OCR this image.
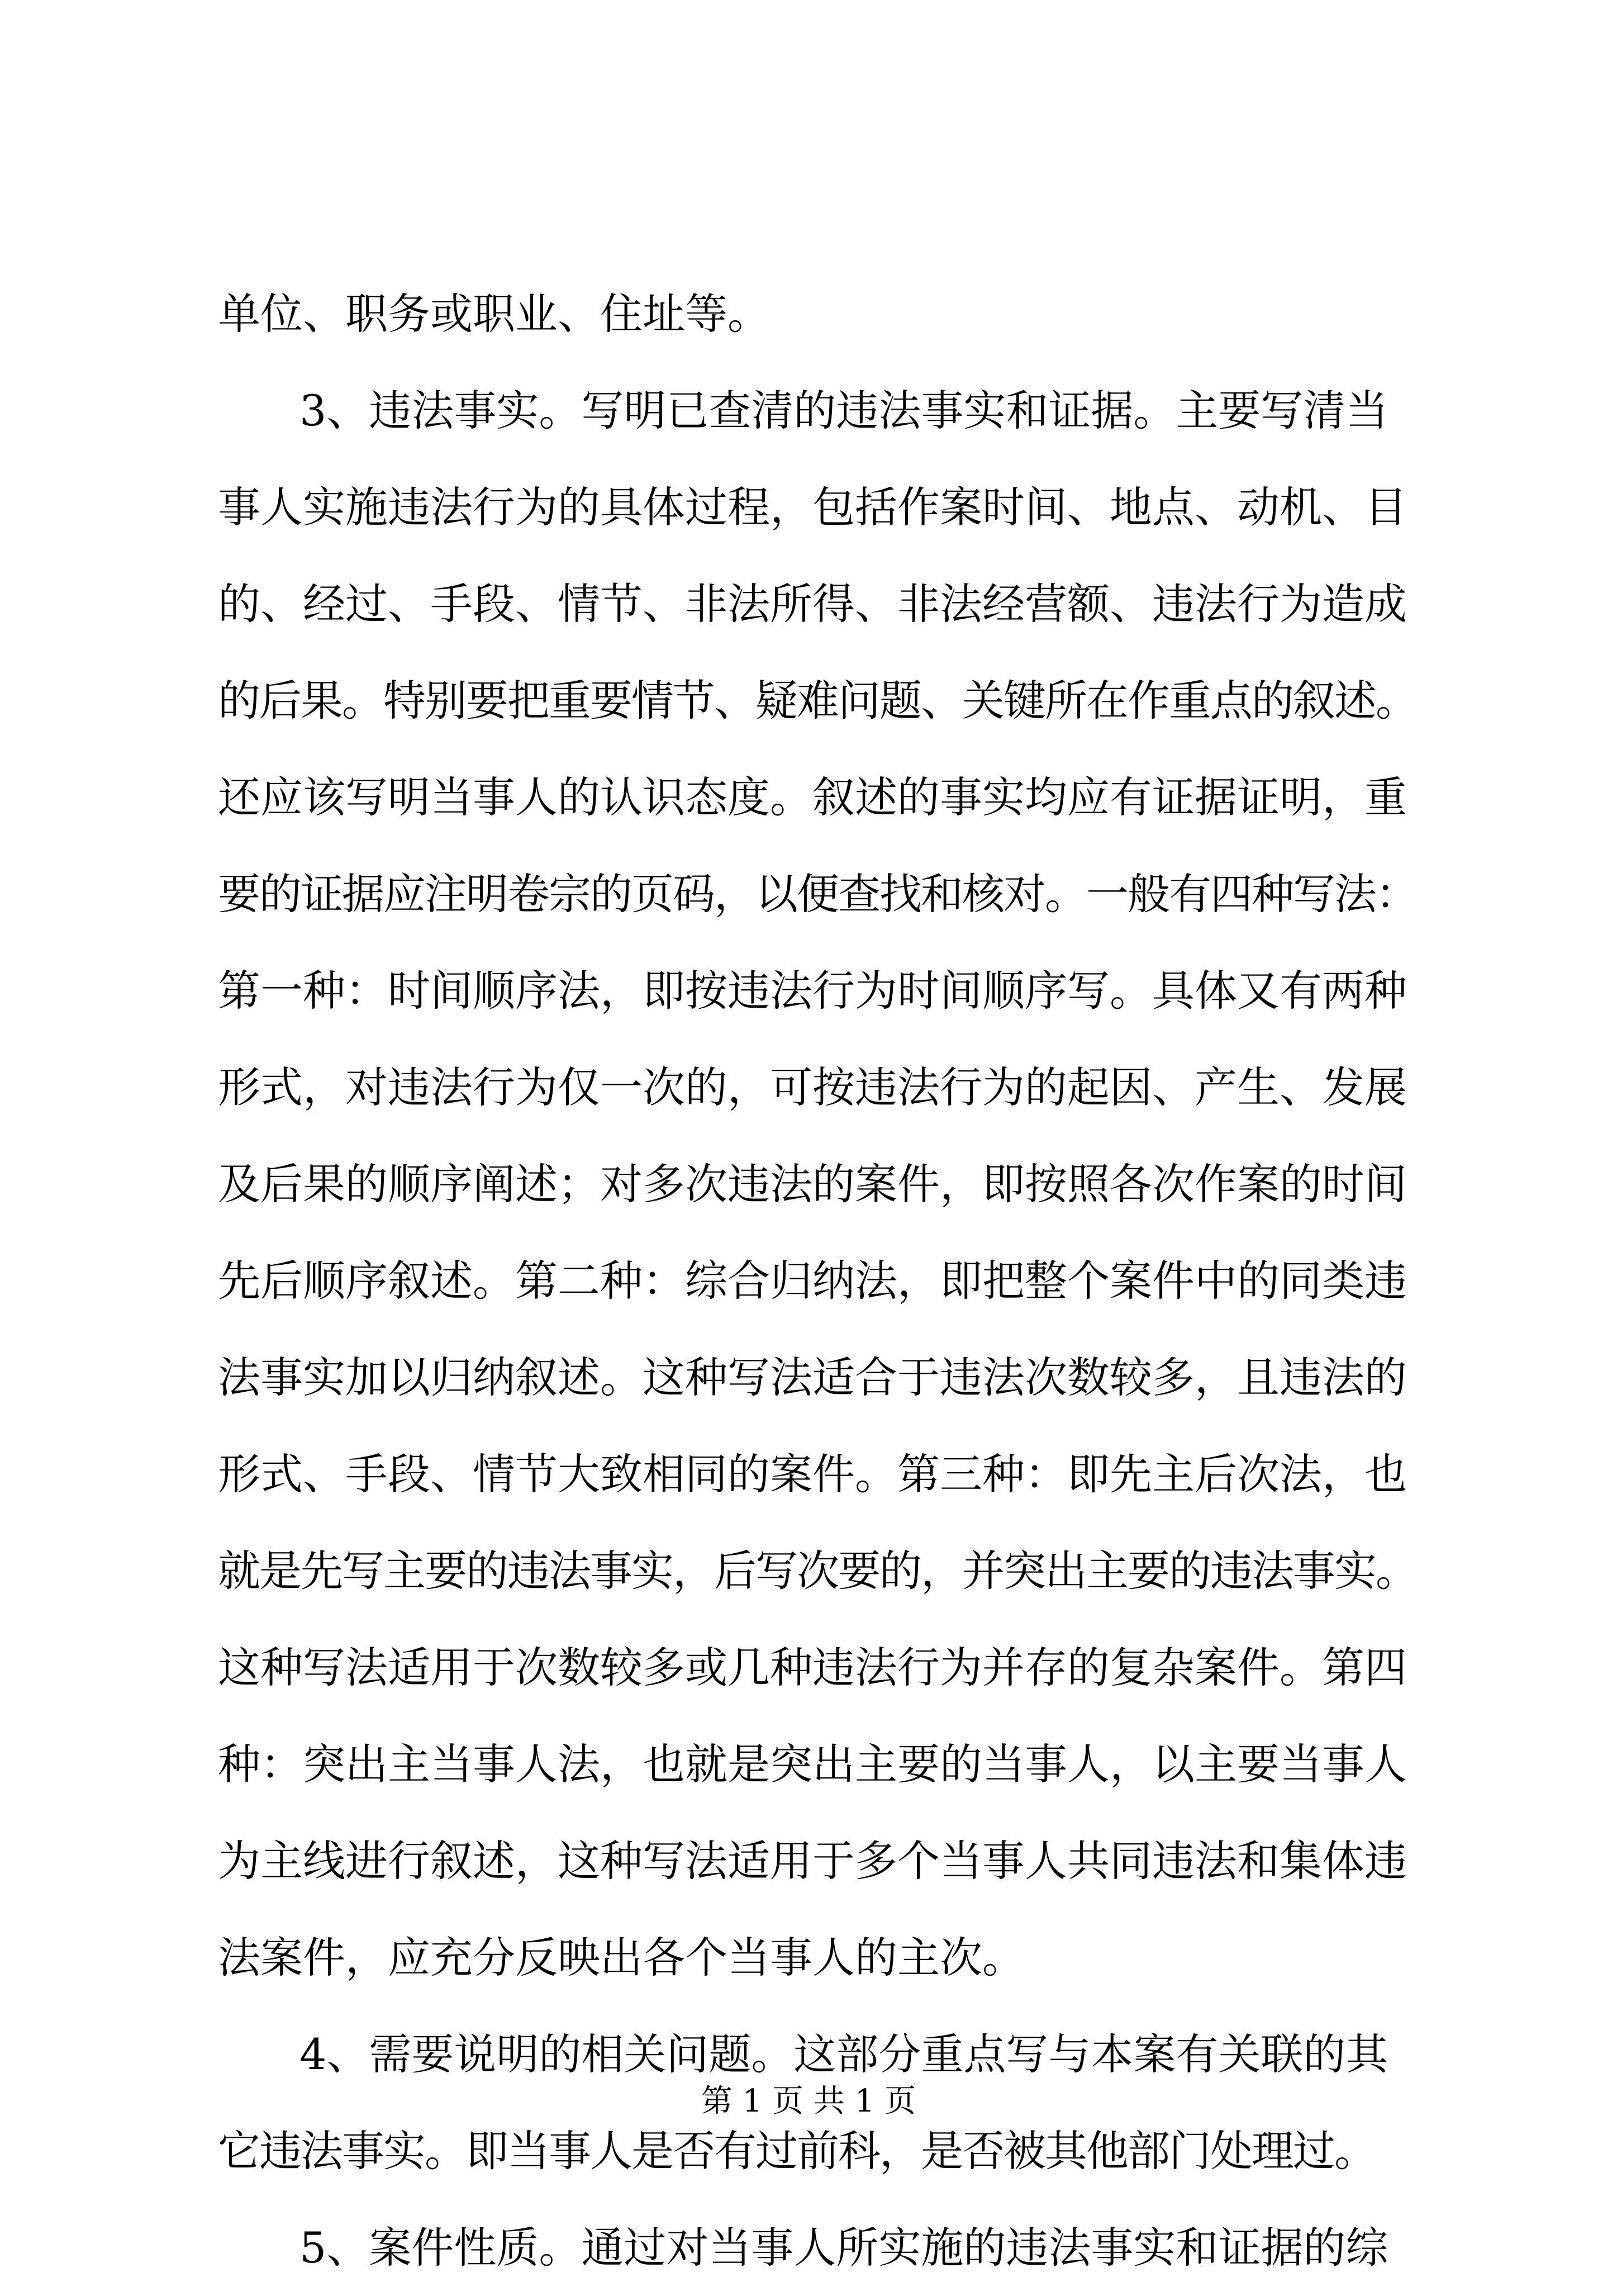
单位、职务或职业、住址等。
3、违法事实。写明已查清的违法事实和证据。主要写清当
事人实施违法行为的具体过程，包括作案时间、地点、动机、目
的、经过、手段、情节、非法所得、非法经营额、违法行为造成
的后果。特别要把重要情节、疑难问题、关键所在作重点的叙述。
还应该写明当事人的认识态度。叙述的事实均应有证据证明，重
要的证据应注明卷宗的页码，以便查找和核对。一般有四种写法：
第一种：时间顺序法，即按违法行为时间顺序写。具体又有两种
形式，对违法行为仅一次的，可按违法行为的起因、产生、发展
及后果的顺序阐述；对多次违法的案件，即按照各次作案的时间
先后顺序叙述。第二种：综合归纳法，即把整个案件中的同类违
法事实加以归纳叙述。这种写法适合于违法次数较多，且违法的
形式、手段、情节大致相同的案件。第三种：即先主后次法，也
就是先写主要的违法事实，后写次要的，并突出主要的违法事实。
这种写法适用于次数较多或几种违法行为并存的复杂案件。第四
种：突出主当事人法，也就是突出主要的当事人，以主要当事人
为主线进行叙述，这种写法适用于多个当事人共同违法和集体违
法案件，应充分反映出各个当事人的主次。
4、需要说明的相关问题。这部分重点写与本案有关联的其
它违法事实。即当事人是否有过前科，是否被其他部门处理过。
5、案件性质。通过对当事人所实施的违法事实和证据的综
第 1 页 共 1 页
